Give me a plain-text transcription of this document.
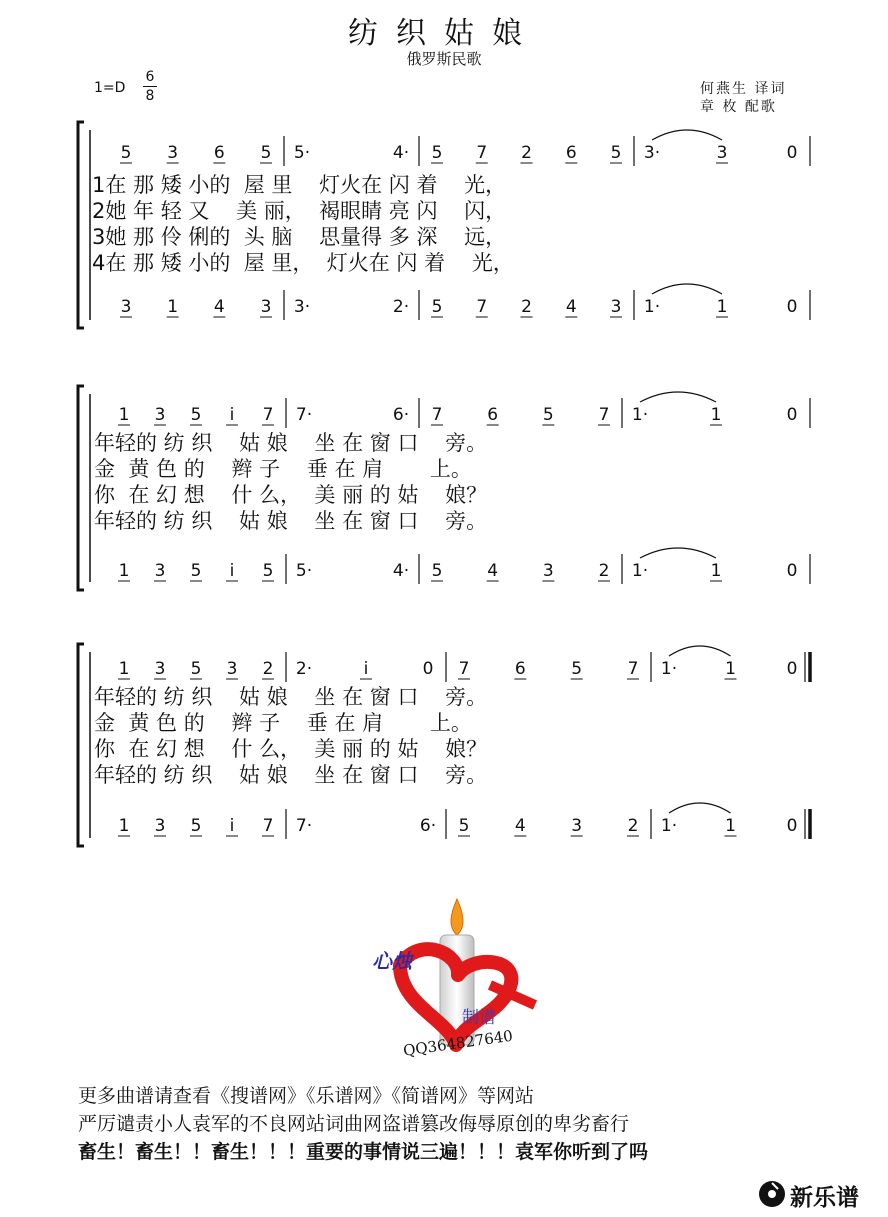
纺织姑娘
俄罗斯民歌
$1=D \frac{6}{8}$	何燕生 译词
章 枚 配歌
5 3 6 5 5·	4· 5 7 2 6 5 3·	3	0
3 1 4 3 3·	2· 5 7 2 4 3 1·	1	0
1 3 5 i 7 7·	6· 7	6	5	7 1·	1	0
1 3 5 i 5 5·	4· 5	4	3	2 1·	1	0
1 3 5 3 2 2·	i	0 7	6	5	7 1·	1	0
1 3 5 i 7 7·	6· 5	4	3	2 1·	1	0
1在 那 矮 小的  屋 里    灯火在 闪 着    光，
2她 年 轻 又    美 丽，  褐眼睛 亮 闪    闪，
3她 那 伶 俐的  头 脑    思量得 多 深    远，
4在 那 矮 小的  屋 里，  灯火在 闪 着    光，
年轻的 纺 织    姑 娘    坐 在 窗 口    旁。
金  黄 色 的    辫 子    垂 在 肩       上。
你  在 幻 想    什 么，  美 丽 的 姑    娘？
年轻的 纺 织    姑 娘    坐 在 窗 口    旁。
年轻的 纺 织    姑 娘    坐 在 窗 口    旁。
金  黄 色 的    辫 子    垂 在 肩       上。
你  在 幻 想    什 么，  美 丽 的 姑    娘？
年轻的 纺 织    姑 娘    坐 在 窗 口    旁。
心烛
制谱
QQ364827640
更多曲谱请查看《搜谱网》《乐谱网》《简谱网》等网站
严厉谴责小人袁军的不良网站词曲网盗谱篡改侮辱原创的卑劣畜行
畜生！畜生！！畜生！！！重要的事情说三遍！！！袁军你听到了吗
新乐谱
